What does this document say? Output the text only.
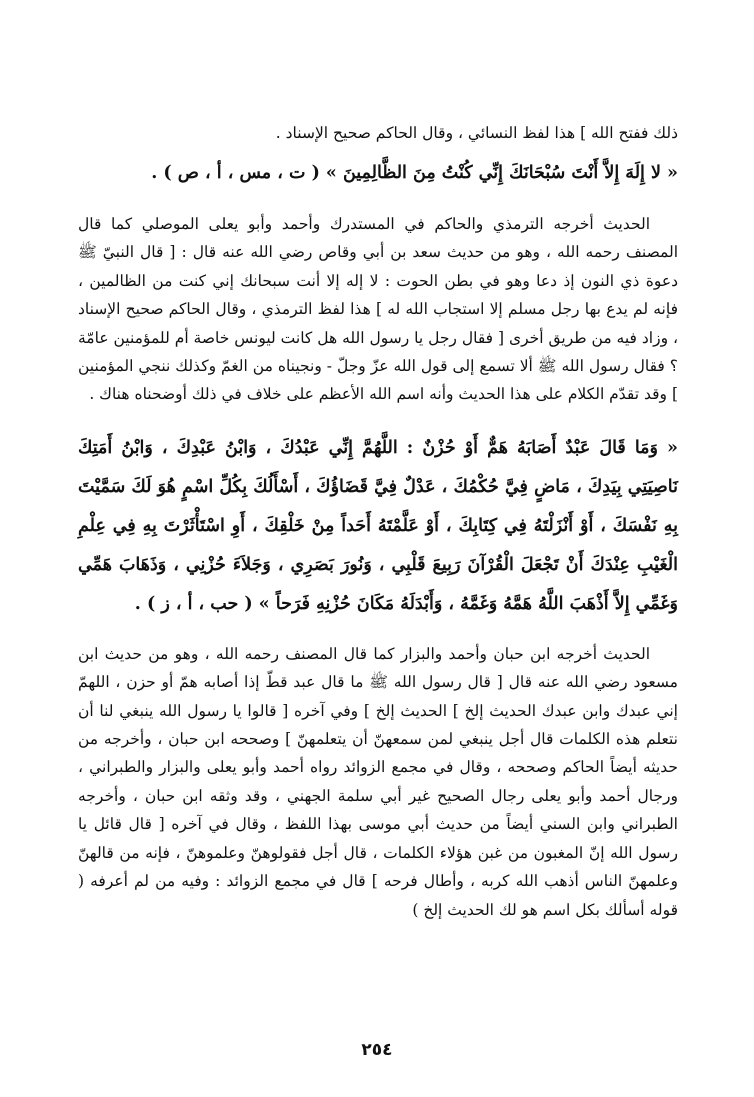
ذلك ففتح الله ] هذا لفظ النسائي ، وقال الحاكم صحيح الإسناد .

« لا إِلَهَ إِلاَّ أَنْتَ سُبْحَانَكَ إِنِّي كُنْتُ مِنَ الظَّالِمِينَ » ( ت ، مس ، أ ، ص ) .

الحديث أخرجه الترمذي والحاكم في المستدرك وأحمد وأبو يعلى الموصلي كما قال المصنف رحمه الله ، وهو من حديث سعد بن أبي وقاص رضي الله عنه قال : [ قال النبيّ ﷺ دعوة ذي النون إذ دعا وهو في بطن الحوت : لا إله إلا أنت سبحانك إني كنت من الظالمين ، فإنه لم يدع بها رجل مسلم إلا استجاب الله له ] هذا لفظ الترمذي ، وقال الحاكم صحيح الإسناد ، وزاد فيه من طريق أخرى [ فقال رجل يا رسول الله هل كانت ليونس خاصة أم للمؤمنين عامّة ؟ فقال رسول الله ﷺ ألا تسمع إلى قول الله عزّ وجلّ - ونجيناه من الغمّ وكذلك ننجي المؤمنين ] وقد تقدّم الكلام على هذا الحديث وأنه اسم الله الأعظم على خلاف في ذلك أوضحناه هناك .

« وَمَا قَالَ عَبْدٌ أَصَابَهُ هَمٌّ أَوْ حُزْنٌ : اللَّهُمَّ إِنِّي عَبْدُكَ ، وَابْنُ عَبْدِكَ ، وَابْنُ أَمَتِكَ نَاصِيَتِي بِيَدِكَ ، مَاضٍ فِيَّ حُكْمُكَ ، عَدْلٌ فِيَّ قَضَاؤُكَ ، أَسْأَلُكَ بِكُلِّ اسْمٍ هُوَ لَكَ سَمَّيْتَ بِهِ نَفْسَكَ ، أَوْ أَنْزَلْتَهُ فِي كِتَابِكَ ، أَوْ عَلَّمْتَهُ أَحَداً مِنْ خَلْقِكَ ، أَوِ اسْتَأْثَرْتَ بِهِ فِي عِلْمِ الْغَيْبِ عِنْدَكَ أَنْ تَجْعَلَ الْقُرْآنَ رَبِيعَ قَلْبِي ، وَنُورَ بَصَرِي ، وَجَلاَءَ حُزْنِي ، وَذَهَابَ هَمِّي وَغَمِّي إِلاَّ أَذْهَبَ اللَّهُ هَمَّهُ وَغَمَّهُ ، وَأَبْدَلَهُ مَكَانَ حُزْنِهِ فَرَحاً » ( حب ، أ ، ز ) .

الحديث أخرجه ابن حبان وأحمد والبزار كما قال المصنف رحمه الله ، وهو من حديث ابن مسعود رضي الله عنه قال [ قال رسول الله ﷺ ما قال عبد قطّ إذا أصابه همّ أو حزن ، اللهمّ إني عبدك وابن عبدك الحديث إلخ ] الحديث إلخ ] وفي آخره [ قالوا يا رسول الله ينبغي لنا أن نتعلم هذه الكلمات قال أجل ينبغي لمن سمعهنّ أن يتعلمهنّ ] وصححه ابن حبان ، وأخرجه من حديثه أيضاً الحاكم وصححه ، وقال في مجمع الزوائد رواه أحمد وأبو يعلى والبزار والطبراني ، ورجال أحمد وأبو يعلى رجال الصحيح غير أبي سلمة الجهني ، وقد وثقه ابن حبان ، وأخرجه الطبراني وابن السني أيضاً من حديث أبي موسى بهذا اللفظ ، وقال في آخره [ قال قائل يا رسول الله إنّ المغبون من غبن هؤلاء الكلمات ، قال أجل فقولوهنّ وعلموهنّ ، فإنه من قالهنّ وعلمهنّ الناس أذهب الله كربه ، وأطال فرحه ] قال في مجمع الزوائد : وفيه من لم أعرفه ( قوله أسألك بكل اسم هو لك الحديث إلخ )

٢٥٤
